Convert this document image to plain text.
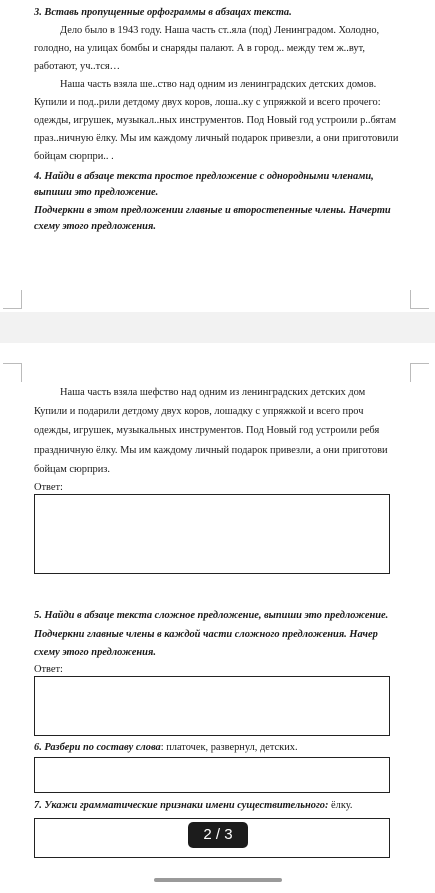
3. Вставь пропущенные орфограммы в абзацах текста.
Дело было в 1943 году. Наша часть ст..яла (под) Ленинградом. Холодно,
голодно, на улицах бомбы и снаряды палают. А в город.. между тем ж..вут,
работают, уч..тся…
Наша часть взяла ше..ство над одним из ленинградских детских домов.
Купили и под..рили детдому двух коров, лоша..ку с упряжкой и всего прочего:
одежды, игрушек, музыкал..ных инструментов. Под Новый год устроили р..бятам
праз..ничную ёлку. Мы им каждому личный подарок привезли, а они приготовили
бойцам сюрпри.. .
4. Найди в абзаце текста простое предложение с однородными членами,
выпиши это предложение.
Подчеркни в этом предложении главные и второстепенные члены. Начерти
схему этого предложения.
Наша часть взяла шефство над одним из ленинградских детских дом
Купили и подарили детдому двух коров, лошадку с упряжкой и всего проч
одежды, игрушек, музыкальных инструментов. Под Новый год устроили ребя
праздничную ёлку. Мы им каждому личный подарок привезли, а они приготови
бойцам сюрприз.
Ответ:
5. Найди в абзаце текста сложное предложение, выпиши это предложение.
Подчеркни главные члены в каждой части сложного предложения. Начер
схему этого предложения.
Ответ:
6. Разбери по составу слова: платочек, развернул, детских.
7. Укажи грамматические признаки имени существительного: ёлку.
2 / 3
